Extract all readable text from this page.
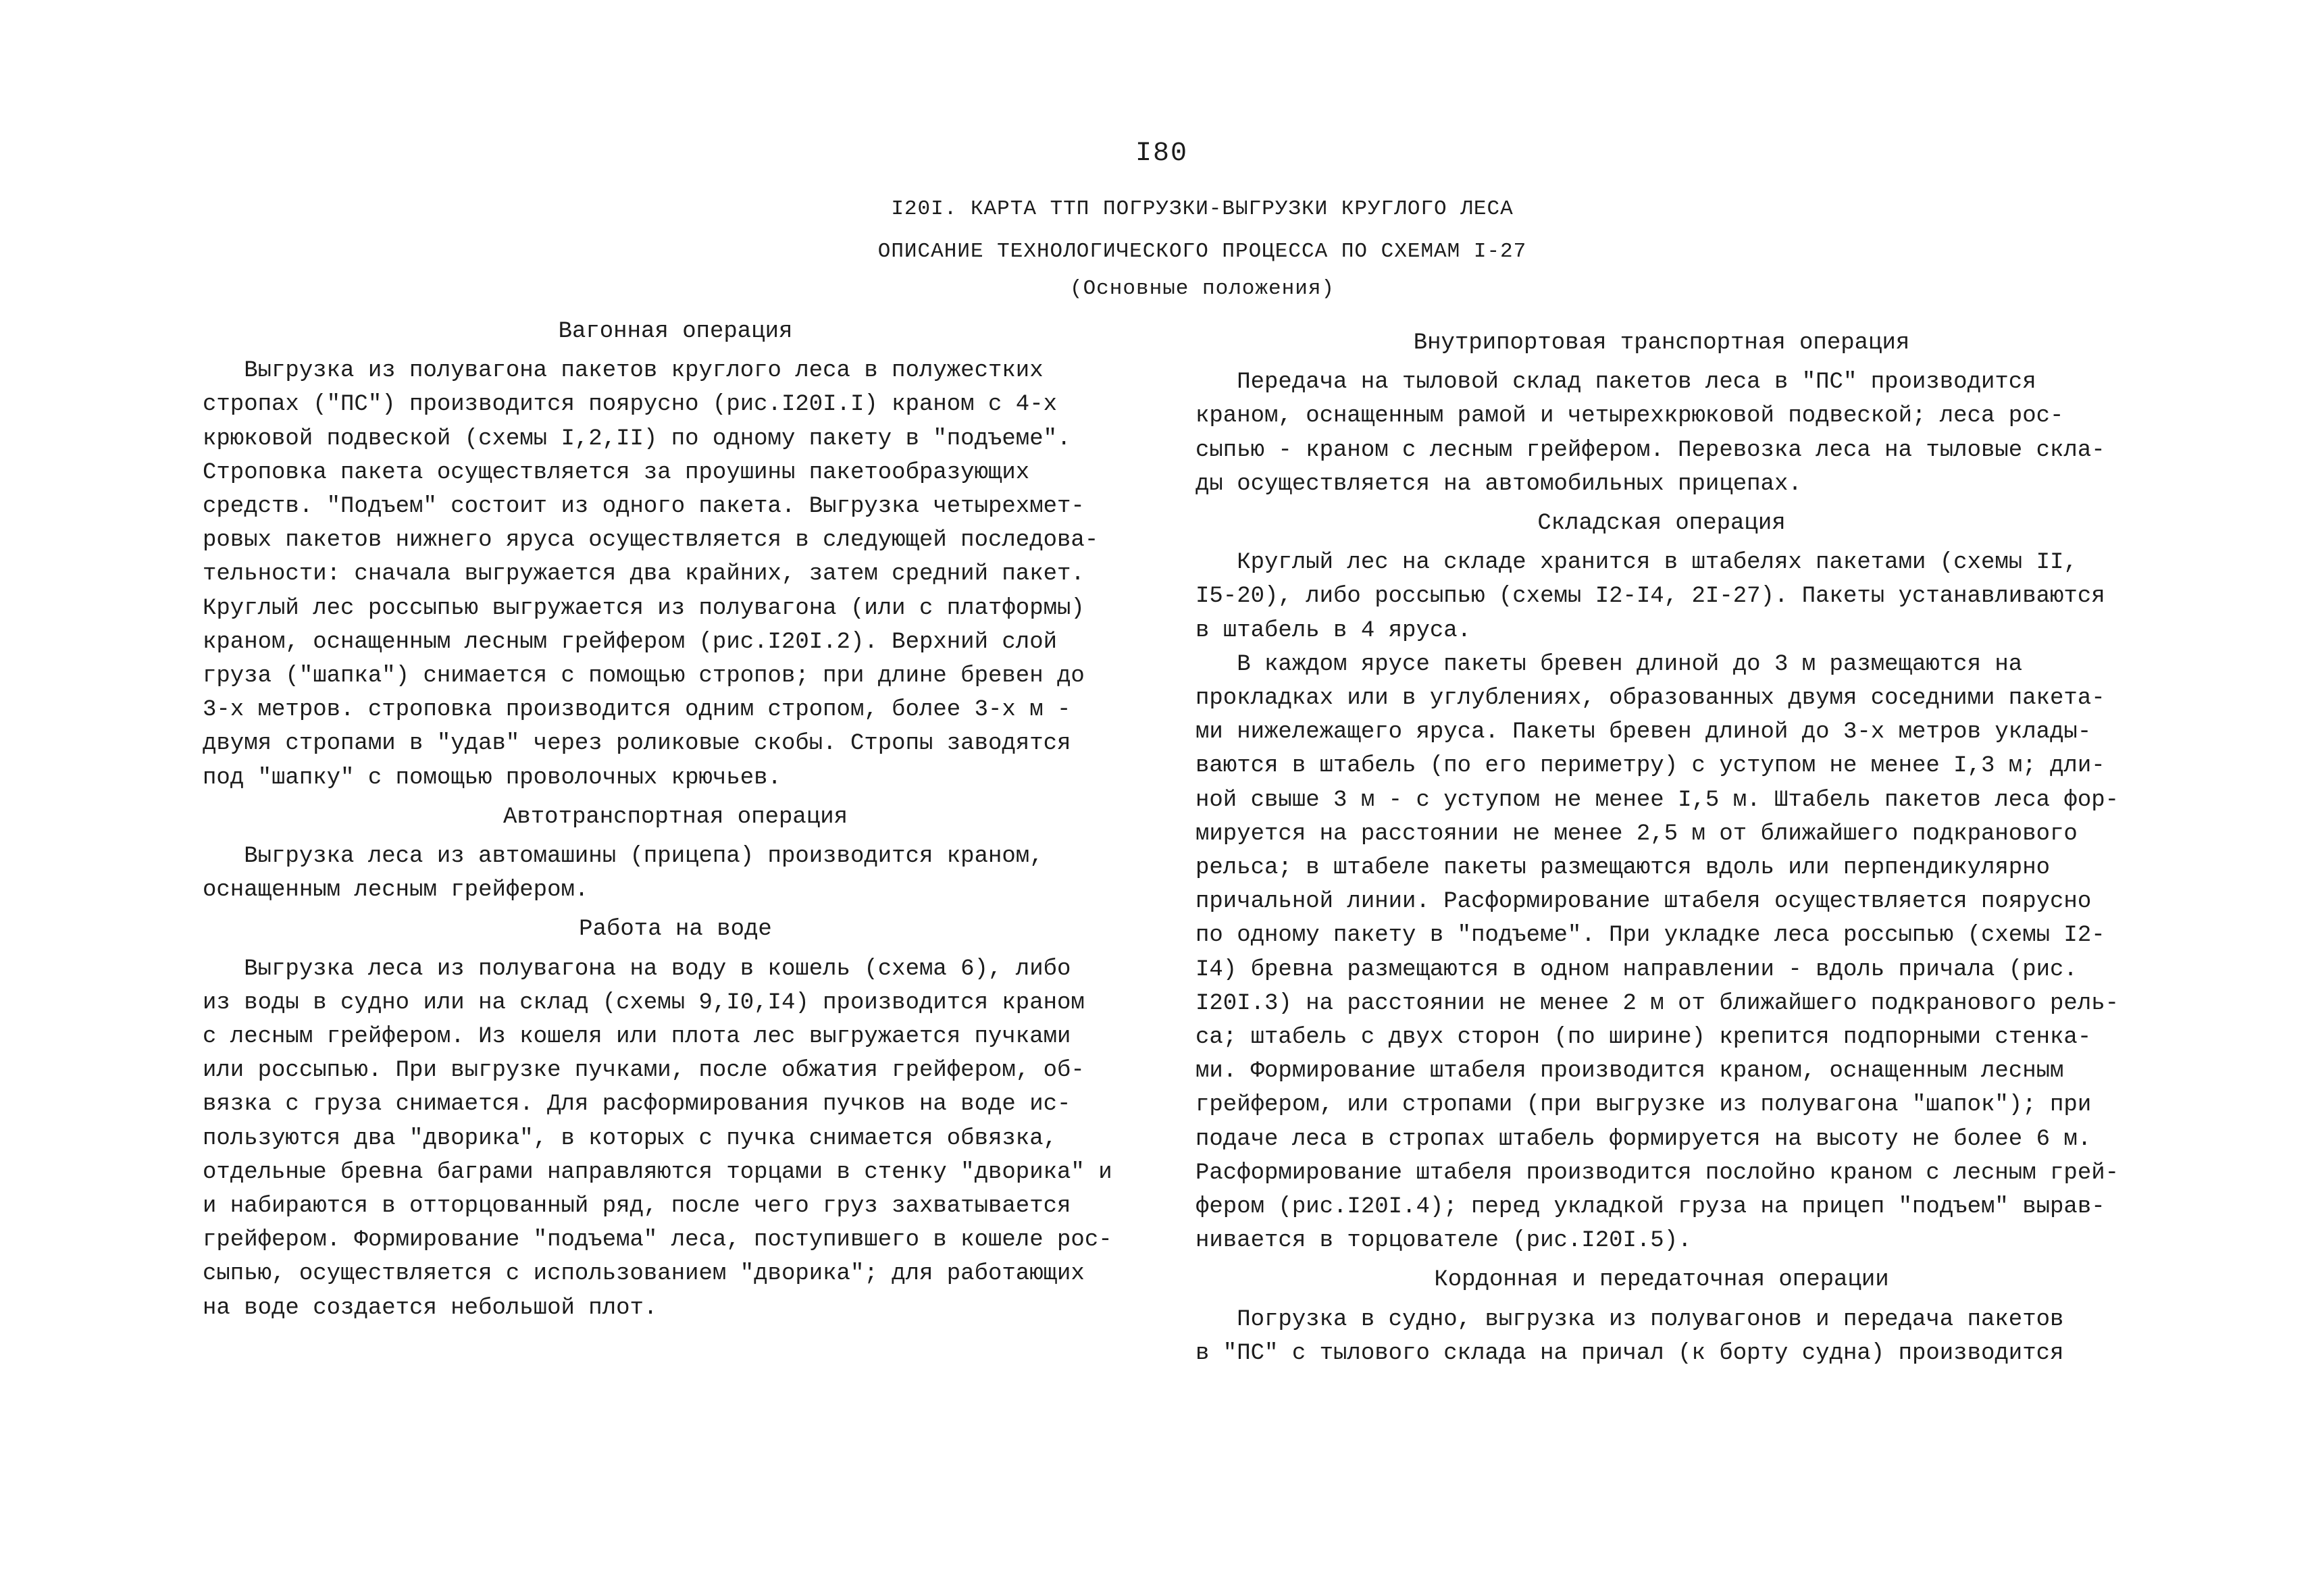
I80
I20I. КАРТА ТТП ПОГРУЗКИ-ВЫГРУЗКИ КРУГЛОГО ЛЕСА
ОПИСАНИЕ ТЕХНОЛОГИЧЕСКОГО ПРОЦЕССА ПО СХЕМАМ I-27
(Основные положения)
Вагонная операция
Выгрузка из полувагона пакетов круглого леса в полужестких
стропах ("ПС") производится поярусно (рис.I20I.I) краном с 4-х
крюковой подвеской (схемы I,2,II) по одному пакету в "подъеме".
Строповка пакета осуществляется за проушины пакетообразующих
средств. "Подъем" состоит из одного пакета. Выгрузка четырехмет-
ровых пакетов нижнего яруса осуществляется в следующей последова-
тельности: сначала выгружается два крайних, затем средний пакет.
Круглый лес россыпью выгружается из полувагона (или с платформы)
краном, оснащенным лесным грейфером (рис.I20I.2). Верхний слой
груза ("шапка") снимается с помощью стропов; при длине бревен до
3-х метров. строповка производится одним стропом, более 3-х м -
двумя стропами в "удав" через роликовые скобы. Стропы заводятся
под "шапку" с помощью проволочных крючьев.
Автотранспортная операция
Выгрузка леса из автомашины (прицепа) производится краном,
оснащенным лесным грейфером.
Работа на воде
Выгрузка леса из полувагона на воду в кошель (схема 6), либо
из воды в судно или на склад (схемы 9,I0,I4) производится краном
с лесным грейфером. Из кошеля или плота лес выгружается пучками
или россыпью. При выгрузке пучками, после обжатия грейфером, об-
вязка с груза снимается. Для расформирования пучков на воде ис-
пользуются два "дворика", в которых с пучка снимается обвязка,
отдельные бревна баграми направляются торцами в стенку "дворика" и
и набираются в отторцованный ряд, после чего груз захватывается
грейфером. Формирование "подъема" леса, поступившего в кошеле рос-
сыпью, осуществляется с использованием "дворика"; для работающих
на воде создается небольшой плот.
Внутрипортовая транспортная операция
Передача на тыловой склад пакетов леса в "ПС" производится
краном, оснащенным рамой и четырехкрюковой подвеской; леса рос-
сыпью - краном с лесным грейфером. Перевозка леса на тыловые скла-
ды осуществляется на автомобильных прицепах.
Складская операция
Круглый лес на складе хранится в штабелях пакетами (схемы II,
I5-20), либо россыпью (схемы I2-I4, 2I-27). Пакеты устанавливаются
в штабель в 4 яруса.
В каждом ярусе пакеты бревен длиной до 3 м размещаются на
прокладках или в углублениях, образованных двумя соседними пакета-
ми нижележащего яруса. Пакеты бревен длиной до 3-х метров уклады-
ваются в штабель (по его периметру) с уступом не менее I,3 м; дли-
ной свыше 3 м - с уступом не менее I,5 м. Штабель пакетов леса фор-
мируется на расстоянии не менее 2,5 м от ближайшего подкранового
рельса; в штабеле пакеты размещаются вдоль или перпендикулярно
причальной линии. Расформирование штабеля осуществляется поярусно
по одному пакету в "подъеме". При укладке леса россыпью (схемы I2-
I4) бревна размещаются в одном направлении - вдоль причала (рис.
I20I.3) на расстоянии не менее 2 м от ближайшего подкранового рель-
са; штабель с двух сторон (по ширине) крепится подпорными стенка-
ми. Формирование штабеля производится краном, оснащенным лесным
грейфером, или стропами (при выгрузке из полувагона "шапок"); при
подаче леса в стропах штабель формируется на высоту не более 6 м.
Расформирование штабеля производится послойно краном с лесным грей-
фером (рис.I20I.4); перед укладкой груза на прицеп "подъем" вырав-
нивается в торцователе (рис.I20I.5).
Кордонная и передаточная операции
Погрузка в судно, выгрузка из полувагонов и передача пакетов
в "ПС" с тылового склада на причал (к борту судна) производится
